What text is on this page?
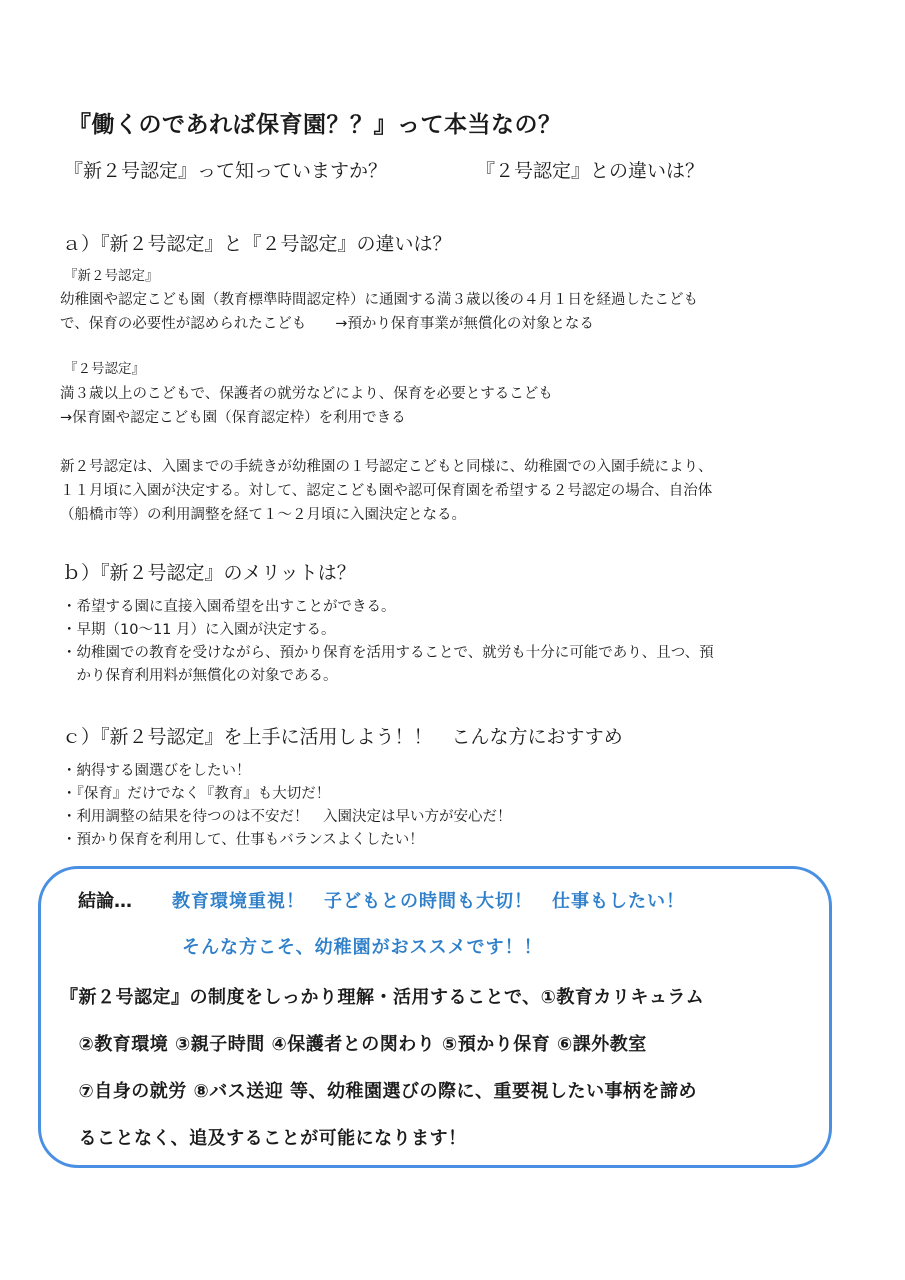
『働くのであれば保育園？？』って本当なの？
『新２号認定』って知っていますか？	『２号認定』との違いは？
ａ）『新２号認定』と『２号認定』の違いは？
『新２号認定』
幼稚園や認定こども園（教育標準時間認定枠）に通園する満３歳以後の４月１日を経過したこども
で、保育の必要性が認められたこども　　→預かり保育事業が無償化の対象となる
『２号認定』
満３歳以上のこどもで、保護者の就労などにより、保育を必要とするこども
→保育園や認定こども園（保育認定枠）を利用できる
新２号認定は、入園までの手続きが幼稚園の１号認定こどもと同様に、幼稚園での入園手続により、
１１月頃に入園が決定する。対して、認定こども園や認可保育園を希望する２号認定の場合、自治体
（船橋市等）の利用調整を経て１～２月頃に入園決定となる。
ｂ）『新２号認定』のメリットは？
・希望する園に直接入園希望を出すことができる。
・早期（10～11 月）に入園が決定する。
・幼稚園での教育を受けながら、預かり保育を活用することで、就労も十分に可能であり、且つ、預
　かり保育利用料が無償化の対象である。
ｃ）『新２号認定』を上手に活用しよう！！　こんな方におすすめ
・納得する園選びをしたい！
・『保育』だけでなく『教育』も大切だ！
・利用調整の結果を待つのは不安だ！　入園決定は早い方が安心だ！
・預かり保育を利用して、仕事もバランスよくしたい！
結論… 教育環境重視！　子どもとの時間も大切！　仕事もしたい！
そんな方こそ、幼稚園がおススメです！！
『新２号認定』の制度をしっかり理解・活用することで、①教育カリキュラム
　②教育環境 ③親子時間 ④保護者との関わり ⑤預かり保育 ⑥課外教室
　⑦自身の就労 ⑧バス送迎 等、幼稚園選びの際に、重要視したい事柄を諦め
　ることなく、追及することが可能になります！
